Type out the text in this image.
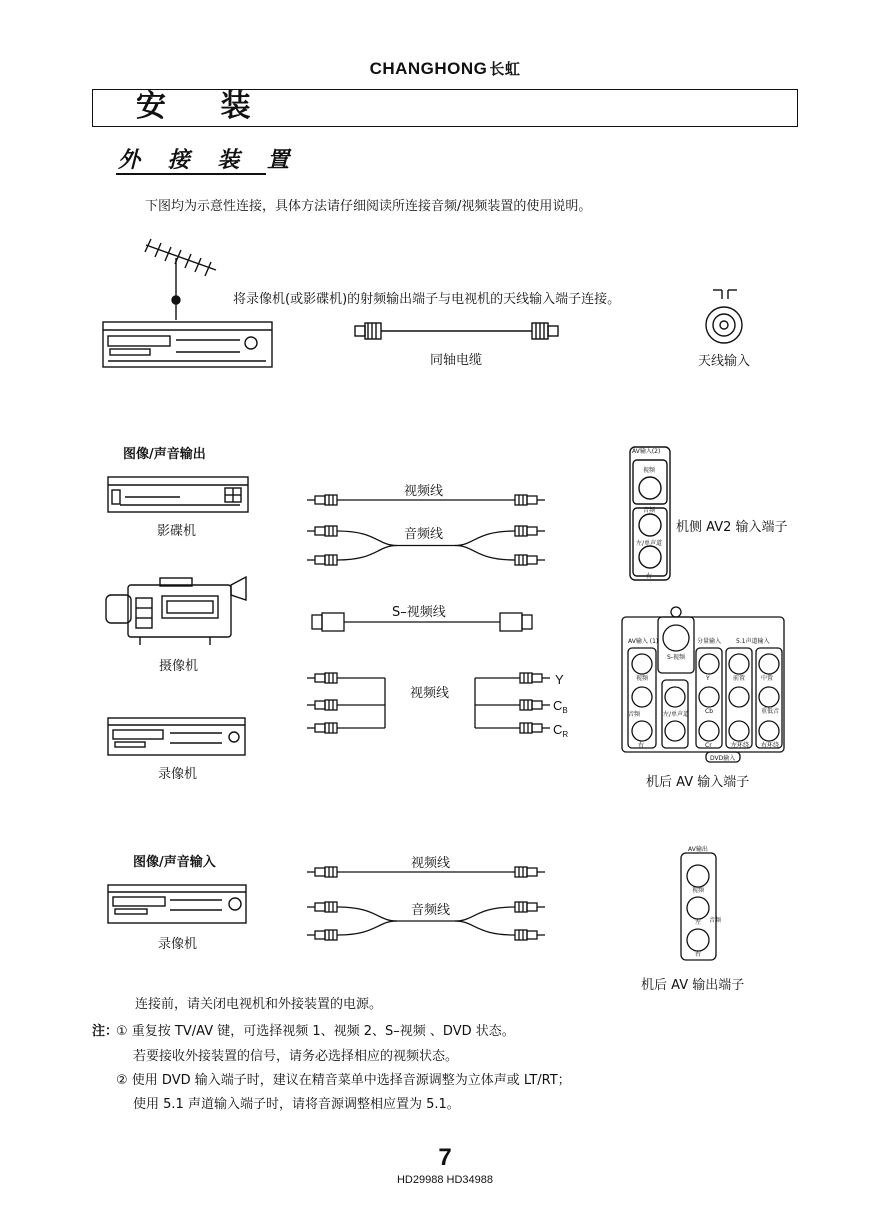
CHANGHONG 长虹
安 装
外 接 装 置
下图均为示意性连接，具体方法请仔细阅读所连接音频/视频装置的使用说明。
AV输入(2)
视频
音频
左/单声道
右
AV输入 (1)
S-视频
分量输入 5.1声道输入
视频	Y
Cb
Cr
音频	左/单声道
右
前置	中置
重低音
左环绕 右环绕
DVD输入
AV输出
视频
左
右
音频
Y
$C_B$
$C_R$
将录像机(或影碟机)的射频输出端子与电视机的天线输入端子连接。
同轴电缆	天线输入
图像/声音输出
影碟机
摄像机
录像机
视频线
音频线
S–视频线
视频线
机侧 AV2 输入端子
机后 AV 输入端子
机后 AV 输出端子
图像/声音输入
录像机
视频线
音频线
连接前，请关闭电视机和外接装置的电源。
注：
① 重复按 TV/AV 键，可选择视频 1、视频 2、S–视频 、DVD 状态。
若要接收外接装置的信号，请务必选择相应的视频状态。
② 使用 DVD 输入端子时，建议在精音菜单中选择音源调整为立体声或 LT/RT；
使用 5.1 声道输入端子时，请将音源调整相应置为 5.1。
7
HD29988 HD34988
